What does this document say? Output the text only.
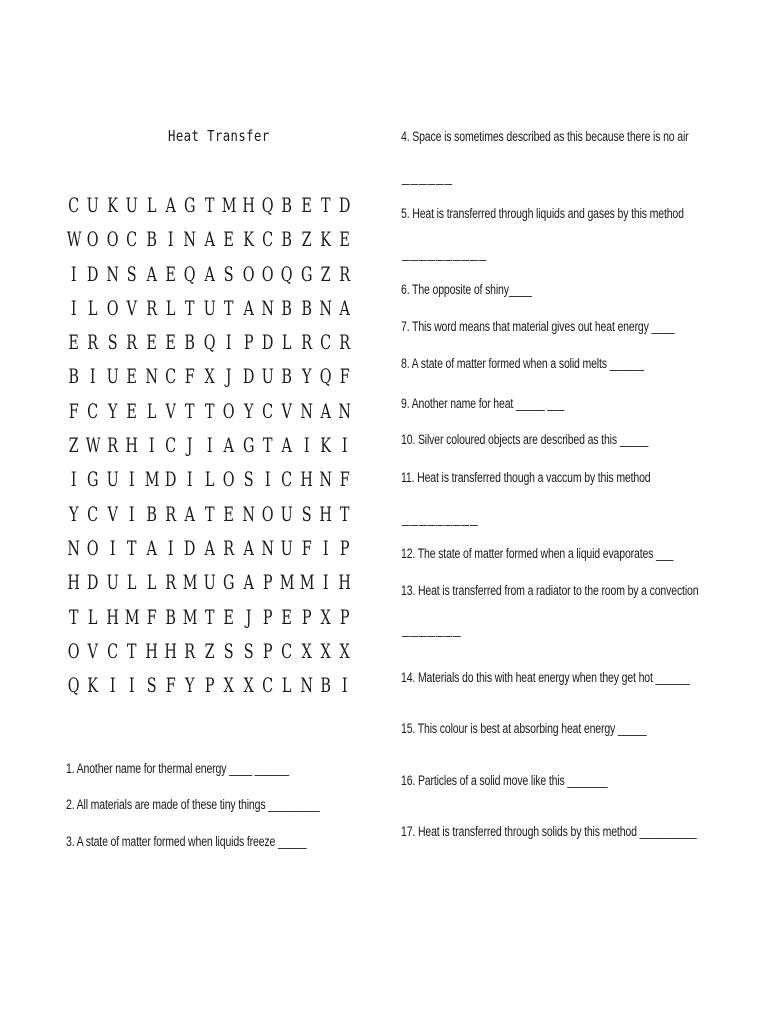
Heat Transfer
C U K U L A G T M H Q B E T D
W O O C B I N A E K C B Z K E
I D N S A E Q A S O O Q G Z R
I L O V R L T U T A N B B N A
E R S R E E B Q I P D L R C R
B I U E N C F X J D U B Y Q F
F C Y E L V T T O Y C V N A N
Z W R H I C J I A G T A I K I
I G U I M D I L O S I C H N F
Y C V I B R A T E N O U S H T
N O I T A I D A R A N U F I P
H D U L L R M U G A P M M I H
T L H M F B M T E J P E P X P
O V C T H H R Z S S P C X X X
Q K I I S F Y P X X C L N B I
1. Another name for thermal energy ____ ______
2. All materials are made of these tiny things _________
3. A state of matter formed when liquids freeze _____
4. Space is sometimes described as this because there is no air
______
5. Heat is transferred through liquids and gases by this method
__________
6. The opposite of shiny____
7. This word means that material gives out heat energy ____
8. A state of matter formed when a solid melts ______
9. Another name for heat _____ ___
10. Silver coloured objects are described as this _____
11. Heat is transferred though a vaccum by this method
_________
12. The state of matter formed when a liquid evaporates ___
13. Heat is transferred from a radiator to the room by a convection
_______
14. Materials do this with heat energy when they get hot ______
15. This colour is best at absorbing heat energy _____
16. Particles of a solid move like this _______
17. Heat is transferred through solids by this method __________
